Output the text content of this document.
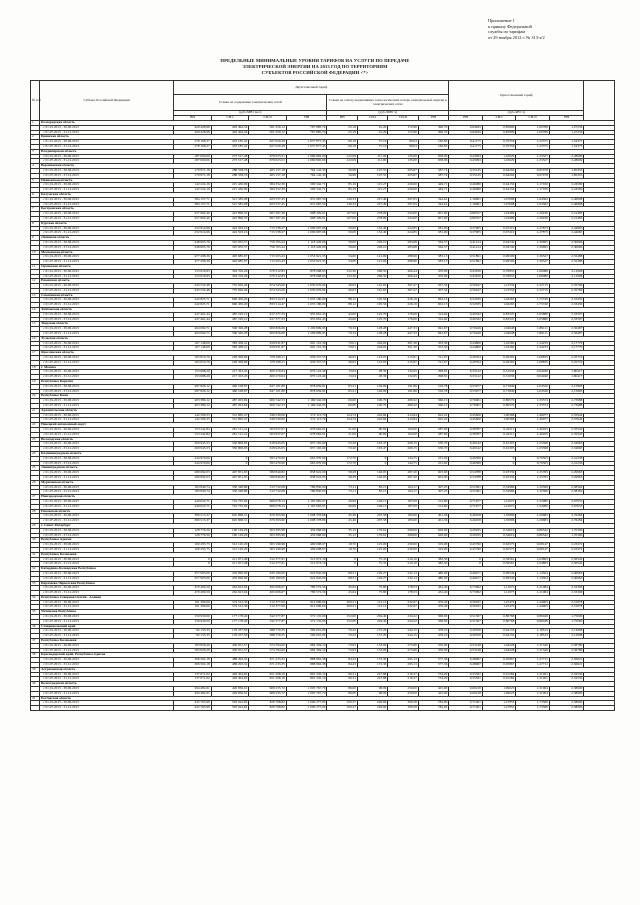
Приложение 1
к приказу Федеральной
службы по тарифам
от 29 ноября 2012 г. № 313-э/2
ПРЕДЕЛЬНЫЕ МИНИМАЛЬНЫЕ УРОВНИ ТАРИФОВ НА УСЛУГИ ПО ПЕРЕДАЧЕ
ЭЛЕКТРИЧЕСКОЙ ЭНЕРГИИ НА 2013 ГОД ПО ТЕРРИТОРИЯМ
СУБЪЕКТОВ РОССИЙСКОЙ ФЕДЕРАЦИИ <*>
№ п/п	Субъект Российской Федерации	Двухставочный тариф								Одноставочный тариф				
		Ставка на содержание электрических сетей				Ставка на оплату нормативных технологических потерь электрической энергии в электрических сетях								
		(руб./МВт·мес)				(руб./МВт·ч)				(руб./кВт·ч)				
		ВН	СН-I	СН-II	НН	ВН	СН-I	СН-II	НН	ВН	СН-I	СН-II	НН	
1	Белгородская область													
	с 01.01.2013 - 30.06.2013	429 428,98	493 494,56	561 259,12	767 885,74	25,19	91,29	172,90	390,70	0,64945	0,85809	1,00786	1,27234	
	с 01.07.2013 - 31.12.2013	429 428,98	493 494,56	561 259,12	767 885,74	25,19	91,29	172,90	390,70	0,64945	0,85809	1,00786	1,27234	
2	Брянская область													
	с 01.01.2013 - 30.06.2013	278 168,27	453 185,42	627 029,28	1 037 877,43	66,18	75,16	99,04	160,83	0,41175	0,70356	1,22375	1,54375	
	с 01.07.2013 - 31.12.2013	278 168,27	453 185,42	627 029,28	1 037 877,43	66,18	75,16	99,04	160,83	0,41175	0,70356	1,22375	1,54375	
3	Владимирская область													
	с 01.01.2013 - 30.06.2013	187 000,00	273 517,48	679 023,51	1 069 802,00	122,09	111,00	135,00	658,00	0,43993	1,10029	1,33327	2,28609	
	с 01.07.2013 - 31.12.2013	187 000,00	273 517,48	679 023,51	1 069 802,00	122,09	111,00	135,00	658,00	0,43993	1,10029	1,33327	2,28609	
4	Воронежская область													
	с 01.01.2013 - 30.06.2013	179 971,18	288 558,76	465 157,18	764 142,30	56,98	107,55	205,67	587,74	0,35145	0,64294	0,97478	1,85455	
	с 01.07.2013 - 31.12.2013	179 971,18	288 558,76	465 157,18	764 142,30	56,98	107,55	205,67	587,74	0,35145	0,64294	0,97478	1,85455	
5	Ивановская область													
	с 01.01.2013 - 30.06.2013	142 224,19	215 430,09	384 352,39	599 342,71	85,19	115,27	220,00	449,71	0,46080	0,64156	1,17106	2,24500	
	с 01.07.2013 - 31.12.2013	142 224,19	215 430,09	384 352,39	599 342,71	85,19	115,27	220,00	449,71	0,46080	0,64156	1,17106	2,24500	
6	Калужская область													
	с 01.01.2013 - 30.06.2013	384 157,71	521 585,08	623 537,45	931 687,50	149,33	227,49	297,05	344,61	1,16601	1,07698	1,94362	2,46698	
	с 01.07.2013 - 31.12.2013	384 157,71	521 585,08	623 537,45	931 687,50	149,33	227,49	297,05	344,61	1,16601	1,07698	1,94362	2,46698	
7	Костромская область													
	с 01.01.2013 - 30.06.2013	257 992,40	423 896,35	667 297,46	998 329,91	107,00	278,09	234,00	601,00	0,86557	1,24489	1,26436	2,21483	
	с 01.07.2013 - 31.12.2013	257 992,40	423 896,35	667 297,46	998 329,91	107,00	278,09	234,00	601,00	0,86557	1,24489	1,26436	2,21483	
8	Курская область													
	с 01.01.2013 - 30.06.2013	232 914,96	424 503,16	715 538,27	1 099 997,66	50,00	132,40	224,85	581,00	0,37905	0,97410	1,27873	2,44665	
	с 01.07.2013 - 31.12.2013	232 914,96	424 503,16	715 538,27	1 099 997,66	50,00	132,40	224,85	581,00	0,37905	0,97410	1,27873	2,44665	
9	Липецкая область													
	с 01.01.2013 - 30.06.2013	248 605,79	325 955,57	756 763,44	1 118 426,09	59,00	226,10	283,68	564,37	0,41414	0,94740	1,39695	2,30696	
	с 01.07.2013 - 31.12.2013	248 605,79	325 955,57	756 763,44	1 118 426,09	59,00	226,10	283,68	564,37	0,41414	0,94740	1,39695	2,30696	
10	Московская область													
	с 01.01.2013 - 30.06.2013	477 298,39	493 685,97	715 503,43	1 053 921,35	34,00	121,69	288,96	583,13	0,51891	0,99500	1,36347	2,55488	
	с 01.07.2013 - 31.12.2013	477 298,39	493 685,97	715 503,43	1 053 921,35	34,00	121,69	288,96	583,13	0,51891	0,99500	1,36347	2,55488	
11	Орловская область													
	с 01.01.2013 - 30.06.2013	155 616,93	304 319,26	570 312,83	878 068,63	152,30	266,50	406,44	470,00	0,43250	0,76955	1,06086	2,11606	
	с 01.07.2013 - 31.12.2013	155 616,93	304 319,26	570 312,83	878 068,63	152,30	266,50	406,44	470,00	0,43250	0,76955	1,06086	2,11606	
12	Рязанская область													
	с 01.01.2013 - 30.06.2013	243 532,48	735 629,46	674 343,00	1 050 976,92	40,03	161,63	367,47	507,34	0,50447	1,12534	1,52715	2,35766	
	с 01.07.2013 - 31.12.2013	243 532,48	735 629,46	674 343,00	1 050 976,92	40,03	161,63	367,47	507,34	0,50447	1,12534	1,52715	2,35766	
13	Смоленская область													
	с 01.01.2013 - 30.06.2013	242 825,71	660 450,20	833 514,47	1 053 180,00	88,12	195,56	226,19	602,13	0,52035	1,04265	1,75740	2,33450	
	с 01.07.2013 - 31.12.2013	242 825,71	660 450,20	833 514,47	1 053 180,00	88,12	195,56	226,19	602,13	0,52035	1,04265	1,75740	2,33450	
14	Тамбовская область													
	с 01.01.2013 - 30.06.2013	247 461,44	487 195,12	617 377,33	955 661,45	43,00	125,79	176,00	314,92	0,40342	0,83547	1,05880	2,33507	
	с 01.07.2013 - 31.12.2013	247 461,44	487 195,12	617 377,33	955 661,45	43,00	125,79	176,00	314,92	0,40342	0,83547	1,05880	2,33507	
15	Тверская область													
	с 01.01.2013 - 30.06.2013	404 090,71	506 326,28	900 826,69	1 206 809,95	79,34	128,28	447,33	842,67	0,70449	1,04648	1,89111	2,56487	
	с 01.07.2013 - 31.12.2013	404 090,71	506 326,28	900 826,69	1 206 809,95	79,34	128,28	447,33	842,67	0,70449	1,04648	1,89111	2,56487	
16	Тульская область													
	с 01.01.2013 - 30.06.2013	167 148,09	383 438,41	459 931,87	691 101,39	70,01	204,02	301,30	353,30	0,44800	1,10260	1,34233	2,17779	
	с 01.07.2013 - 31.12.2013	167 148,09	383 438,41	459 931,87	691 101,39	70,01	204,02	301,30	353,30	0,44800	1,10260	1,34233	2,17779	
17	Ярославская область													
	с 01.01.2013 - 30.06.2013	165 810,79	228 309,69	578 298,11	936 357,55	46,65	123,03	215,81	721,97	0,29764	0,46302	1,09835	2,25719	
	с 01.07.2013 - 31.12.2013	165 810,79	228 309,69	578 298,11	936 357,55	46,65	123,03	215,81	721,97	0,29764	0,46302	1,09835	2,25719	
18	г. Москва													
	с 01.01.2013 - 30.06.2013	153 998,29	217 323,45	400 270,04	670 123,49	13,04	28,39	132,65	298,81	0,33122	0,51936	0,94940	1,80417	
	с 01.07.2013 - 31.12.2013	153 998,29	217 323,45	400 270,04	670 123,49	13,04	28,39	132,65	298,81	0,33122	0,51936	0,94940	1,80417	
19	Республика Карелия													
	с 01.01.2013 - 30.06.2013	297 826,12	460 108,87	647 101,80	878 659,81	65,21	149,09	191,86	516,78	0,55977	0,71849	1,04326	2,15893	
	с 01.07.2013 - 31.12.2013	297 826,12	460 108,87	647 101,80	878 659,81	65,21	149,09	191,86	516,78	0,55977	0,71849	1,04326	2,15893	
20	Республика Коми													
	с 01.01.2013 - 30.06.2013	403 386,12	487 203,84	906 742,53	1 169 342,00	60,00	100,70	480,32	560,15	0,76001	0,89570	1,33574	2,73988	
	с 01.07.2013 - 31.12.2013	403 386,12	487 203,84	906 742,53	1 169 342,00	60,00	100,70	480,32	560,15	0,76001	0,89570	1,33574	2,73988	
21	Архангельская область													
	с 01.01.2013 - 30.06.2013	142 506,33	331 865,47	346 539,00	572 115,79	124,74	242,84	414,84	622,22	0,45600	1,00368	1,46077	2,55944	
	с 01.07.2013 - 31.12.2013	142 506,33	331 865,47	346 539,00	572 115,79	124,74	242,84	414,84	622,22	0,45600	1,00368	1,46077	2,55944	
22	Ненецкий автономный округ													
	с 01.01.2013 - 30.06.2013	153 242,84	281 121,41	503 637,07	678 062,91	21,00	90,82	192,00	587,00	0,38787	0,42511	1,49165	2,35542	
	с 01.07.2013 - 31.12.2013	153 242,84	281 121,41	503 637,07	678 062,91	21,00	90,82	192,00	587,00	0,38787	0,42511	1,49165	2,35542	
23	Вологодская область													
	с 01.01.2013 - 30.06.2013	200 945,53	350 809,83	618 945,05	957 165,60	53,20	193,47	269,15	530,70	0,40142	0,61305	1,25398	2,34665	
	с 01.07.2013 - 31.12.2013	200 945,53	350 809,83	618 945,05	957 165,60	53,20	193,47	269,15	530,70	0,40142	0,61305	1,25398	2,34665	
24	Калининградская область													
	с 01.01.2013 - 30.06.2013	244 970,00	0	393 470,00	663 970,00	172,70	0	144,75	231,02	0,46599	0	0,70563	2,41236	
	с 01.07.2013 - 31.12.2013	244 970,00	0	393 470,00	663 970,00	172,70	0	144,75	231,02	0,46599	0	0,70563	2,41236	
25	Ленинградская область													
	с 01.01.2013 - 30.06.2013	289 692,03	407 851,95	589 840,82	838 922,00	58,28	146,95	287,20	603,00	0,54788	0,93339	1,35783	2,29963	
	с 01.07.2013 - 31.12.2013	289 692,03	407 851,95	589 840,82	838 922,00	58,28	146,95	287,20	603,00	0,54788	0,93339	1,35783	2,29963	
26	Мурманская область													
	с 01.01.2013 - 30.06.2013	183 840,74	330 548,89	513 732,08	789 850,00	73,11	83,15	104,17	307,25	0,51991	0,54986	1,32390	2,58362	
	с 01.07.2013 - 31.12.2013	183 840,74	330 548,89	513 732,08	789 850,00	73,11	83,15	104,17	307,25	0,51991	0,54986	1,32390	2,58362	
27	Новгородская область													
	с 01.01.2013 - 30.06.2013	440 022,71	722 735,94	966 078,14	1 195 965,97	26,69	146,15	187,09	214,80	0,71677	1,41672	1,52980	2,67633	
	с 01.07.2013 - 31.12.2013	440 022,71	722 735,94	966 078,14	1 195 965,97	26,69	146,15	187,09	214,80	0,71677	1,41672	1,52980	2,67633	
28	Псковская область													
	с 01.01.2013 - 30.06.2013	380 515,37	645 868,31	679 393,90	1 098 378,86	45,49	207,58	183,00	401,36	0,46458	1,35896	1,29683	2,76284	
	с 01.07.2013 - 31.12.2013	380 515,37	645 868,31	679 393,90	1 098 378,86	45,49	207,58	183,00	401,36	0,46458	1,35896	1,29683	2,76284	
29	г. Санкт-Петербург													
	с 01.01.2013 - 30.06.2013	128 776,50	190 129,26	303 395,98	459 968,00	35,12	176,61	299,00	629,00	0,29195	0,54016	0,86542	1,70300	
	с 01.07.2013 - 31.12.2013	128 776,50	190 129,26	303 395,98	459 968,00	35,12	176,61	299,00	629,00	0,29195	0,54016	0,86542	1,70300	
30	Республика Адыгея													
	с 01.01.2013 - 30.06.2013	160 295,75	312 120,29	303 199,98	409 008,07	18,70	125,00	230,00	319,00	0,45790	0,62575	0,68147	2,23472	
	с 01.07.2013 - 31.12.2013	160 295,75	312 120,29	303 199,98	409 008,07	18,70	125,00	230,00	319,00	0,45790	0,62575	0,68147	2,23472	
31	Республика Калмыкия													
	с 01.01.2013 - 30.06.2013	0	211 971,48	312 377,61	512 973,19	0	75,33	210,10	382,30	0	0,39561	1,04893	2,56542	
	с 01.07.2013 - 31.12.2013	0	211 971,48	312 377,61	512 973,19	0	75,33	210,10	382,30	0	0,39561	1,04893	2,56542	
32	Кабардино-Балкарская Республика													
	с 01.01.2013 - 30.06.2013	357 905,00	476 090,00	630 180,00	922 845,00	68,31	129,27	232,14	480,00	0,49471	0,99546	1,14504	2,40663	
	с 01.07.2013 - 31.12.2013	357 905,00	476 090,00	630 180,00	922 845,00	68,31	129,27	232,14	480,00	0,49471	0,99546	1,14504	2,40663	
33	Карачаево-Черкесская Республика													
	с 01.01.2013 - 30.06.2013	470 499,59	262 623,94	495 006,07	780 572,56	45,64	75,80	178,53	432,40	0,73092	1,11075	1,21084	2,33306	
	с 01.07.2013 - 31.12.2013	470 499,59	262 623,94	495 006,07	780 572,56	45,64	75,80	178,53	432,40	0,73092	1,11075	1,21084	2,33306	
34	Республика Северная Осетия - Алания													
	с 01.01.2013 - 30.06.2013	191 390,00	374 512,36	512 377,00	914 096,00	209,21	112,15	232,67	476,46	0,56181	1,25470	1,44905	2,51878	
	с 01.07.2013 - 31.12.2013	191 390,00	374 512,36	512 377,00	914 096,00	209,21	112,15	232,67	476,46	0,56181	1,25470	1,44905	2,51878	
35	Чеченская Республика													
	с 01.01.2013 - 30.06.2013	159 930,00	177 178,40	342 577,87	572 135,00	152,00	204,40	234,22	368,00	0,51307	0,80768	0,86048	1,75000	
	с 01.07.2013 - 31.12.2013	159 930,00	177 178,40	342 577,87	572 135,00	152,00	204,40	234,22	368,00	0,51307	0,80768	0,86048	1,75000	
36	Ставропольский край													
	с 01.01.2013 - 30.06.2013	92 133,35	176 237,59	388 779,35	590 010,00	70,22	137,20	244,15	476,10	0,30550	0,64133	1,18513	2,13698	
	с 01.07.2013 - 31.12.2013	92 133,35	176 237,59	388 779,35	590 010,00	70,22	137,20	244,15	476,10	0,30550	0,64133	1,18513	2,13698	
37	Республика Калмыкия													
	с 01.01.2013 - 30.06.2013	183 826,29	436 051,57	574 764,00	684 394,10	73,63	153,00	273,66	350,00	0,53148	1,04228	1,31340	2,36780	
	с 01.07.2013 - 31.12.2013	183 826,29	436 051,57	574 764,00	684 394,10	73,63	153,00	273,66	350,00	0,53148	1,04228	1,31340	2,36780	
38	Краснодарский край, Республика Адыгея													
	с 01.01.2013 - 30.06.2013	306 562,18	488 293,32	671 233,35	888 962,38	84,43	172,30	295,13	577,36	0,48967	0,95867	1,27711	2,56621	
	с 01.07.2013 - 31.12.2013	306 562,18	488 293,32	671 233,35	888 962,38	84,43	172,30	295,13	577,36	0,48967	0,95867	1,27711	2,56621	
39	Астраханская область													
	с 01.01.2013 - 30.06.2013	137 671,02	426 404,65	651 268,16	891 345,10	96,31	227,88	216,37	734,29	0,35391	0,91284	1,31401	2,34530	
	с 01.07.2013 - 31.12.2013	137 671,02	426 404,65	651 268,16	891 345,10	96,31	227,88	216,37	734,29	0,35391	0,91284	1,31401	2,34530	
40	Волгоградская область													
	с 01.01.2013 - 30.06.2013	294 482,61	429 836,01	608 235,72	1 005 767,79	86,00	98,99	250,00	425,00	0,60218	1,09023	1,31004	2,38600	
	с 01.07.2013 - 31.12.2013	294 482,61	429 836,01	608 235,72	1 005 767,79	86,00	98,99	250,00	425,00	0,60218	1,09023	1,31004	2,38600	
41	Ростовская область													
	с 01.01.2013 - 30.06.2013	445 765,99	595 624,82	826 798,82	1 090 277,00	100,27	249,60	306,58	784,00	0,71001	1,27853	1,73580	2,58600	
	с 01.07.2013 - 31.12.2013	445 765,99	595 624,82	826 798,82	1 090 277,00	100,27	249,60	306,58	784,00	0,71001	1,27853	1,73580	2,58600	
